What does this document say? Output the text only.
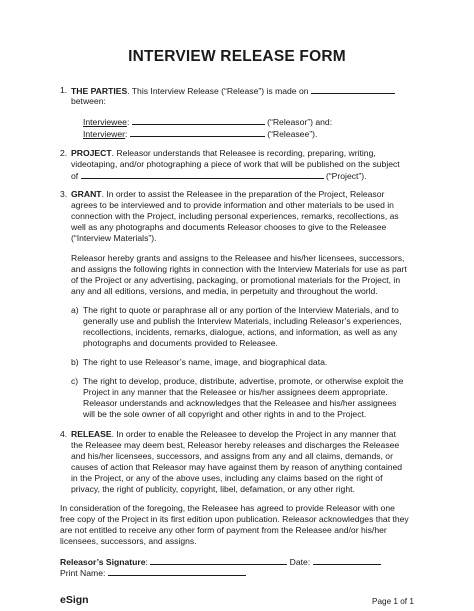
INTERVIEW RELEASE FORM
1. THE PARTIES. This Interview Release (“Release”) is made on
between:
Interviewee:	(“Releasor”) and:
Interviewer:	(“Releasee”).
2. PROJECT. Releasor understands that Releasee is recording, preparing, writing,
videotaping, and/or photographing a piece of work that will be published on the subject
of	(“Project”).
3. GRANT. In order to assist the Releasee in the preparation of the Project, Releasor
agrees to be interviewed and to provide information and other materials to be used in
connection with the Project, including personal experiences, remarks, recollections, as
well as any photographs and documents Releasor chooses to give to the Releasee
(“Interview Materials”).
Releasor hereby grants and assigns to the Releasee and his/her licensees, successors,
and assigns the following rights in connection with the Interview Materials for use as part
of the Project or any advertising, packaging, or promotional materials for the Project, in
any and all editions, versions, and media, in perpetuity and throughout the world.
a) The right to quote or paraphrase all or any portion of the Interview Materials, and to
generally use and publish the Interview Materials, including Releasor’s experiences,
recollections, incidents, remarks, dialogue, actions, and information, as well as any
photographs and documents provided to Releasee.
b) The right to use Releasor’s name, image, and biographical data.
c) The right to develop, produce, distribute, advertise, promote, or otherwise exploit the
Project in any manner that the Releasee or his/her assignees deem appropriate.
Releasor understands and acknowledges that the Releasee and his/her assignees
will be the sole owner of all copyright and other rights in and to the Project.
4. RELEASE. In order to enable the Releasee to develop the Project in any manner that
the Releasee may deem best, Releasor hereby releases and discharges the Releasee
and his/her licensees, successors, and assigns from any and all claims, demands, or
causes of action that Releasor may have against them by reason of anything contained
in the Project, or any of the above uses, including any claims based on the right of
privacy, the right of publicity, copyright, libel, defamation, or any other right.
In consideration of the foregoing, the Releasee has agreed to provide Releasor with one
free copy of the Project in its first edition upon publication. Releasor acknowledges that they
are not entitled to receive any other form of payment from the Releasee and/or his/her
licensees, successors, and assigns.
Releasor’s Signature:	Date:
Print Name:
eSign	Page 1 of 1
